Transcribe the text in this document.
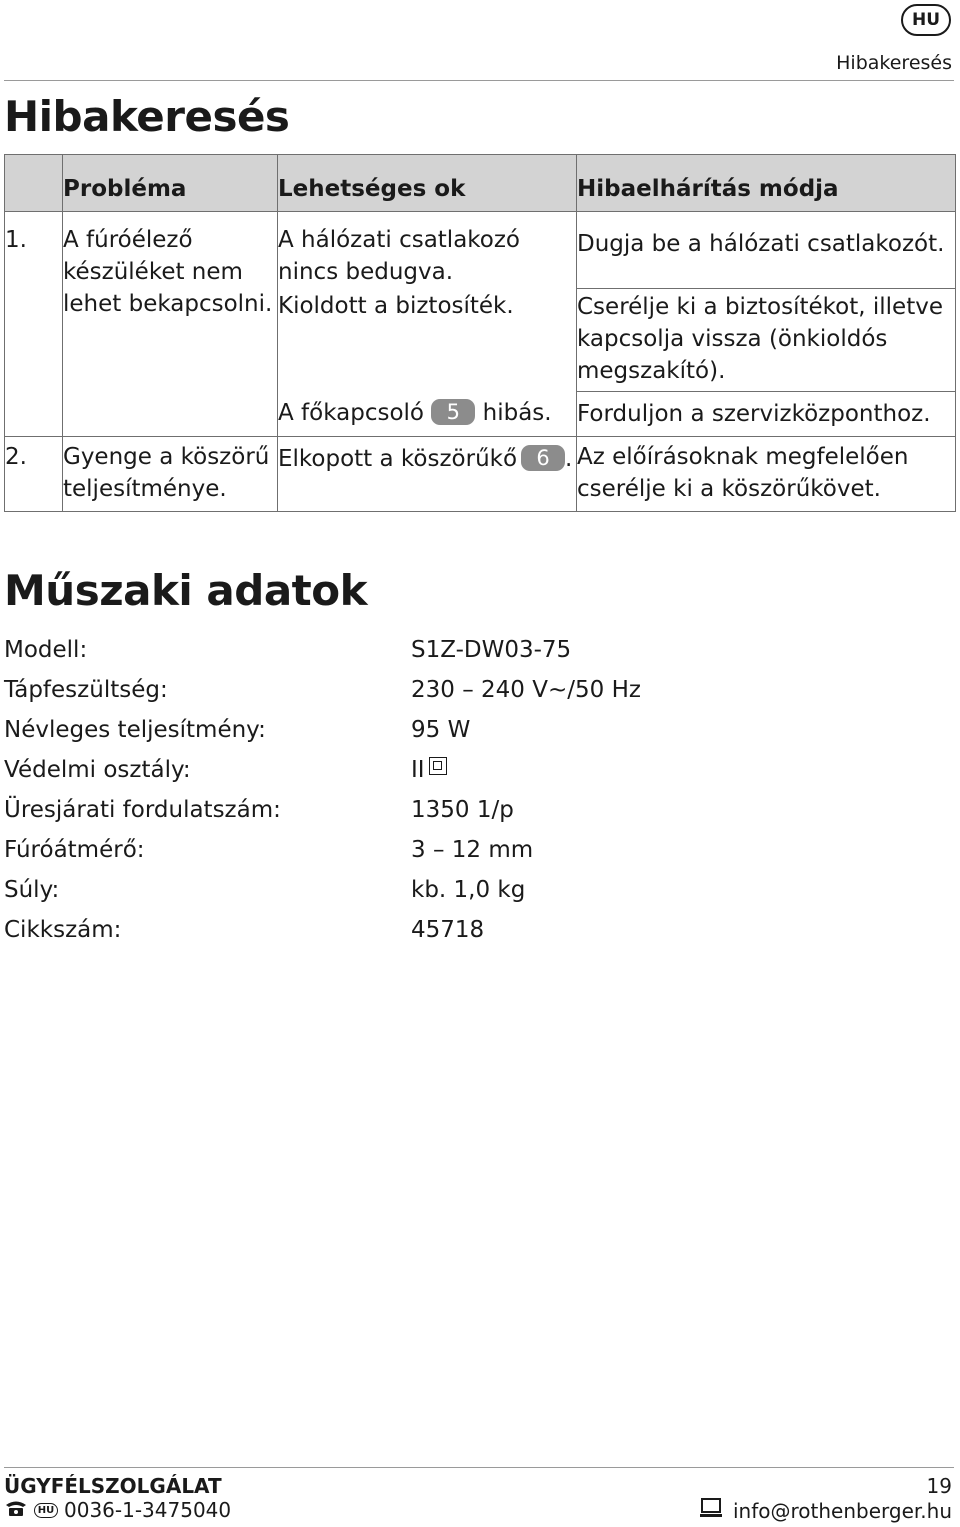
HU
Hibakeresés
Hibakeresés
	Probléma	Lehetséges ok	Hibaelhárítás módja
1.	A fúróélező készüléket nem lehet bekapcsolni.	A hálózati csatlakozó nincs bedugva.	Dugja be a hálózati csatlakozót.
		Kioldott a biztosíték.	Cserélje ki a biztosítékot, illetve kapcsolja vissza (önkioldós megszakító).
		A főkapcsoló 5 hibás.	Forduljon a szervizközponthoz.
2.	Gyenge a köszörű teljesítménye.	Elkopott a köszörűkő 6 .	Az előírásoknak megfelelően cserélje ki a köszörűkövet.
Műszaki adatok
Modell:	S1Z-DW03-75
Tápfeszültség:	230 – 240 V~/50 Hz
Névleges teljesítmény:	95 W
Védelmi osztály:	II
Üresjárati fordulatszám:	1350 1/p
Fúróátmérő:	3 – 12 mm
Súly:	kb. 1,0 kg
Cikkszám:	45718
ÜGYFÉLSZOLGÁLAT	19
HU 0036-1-3475040	info@rothenberger.hu
